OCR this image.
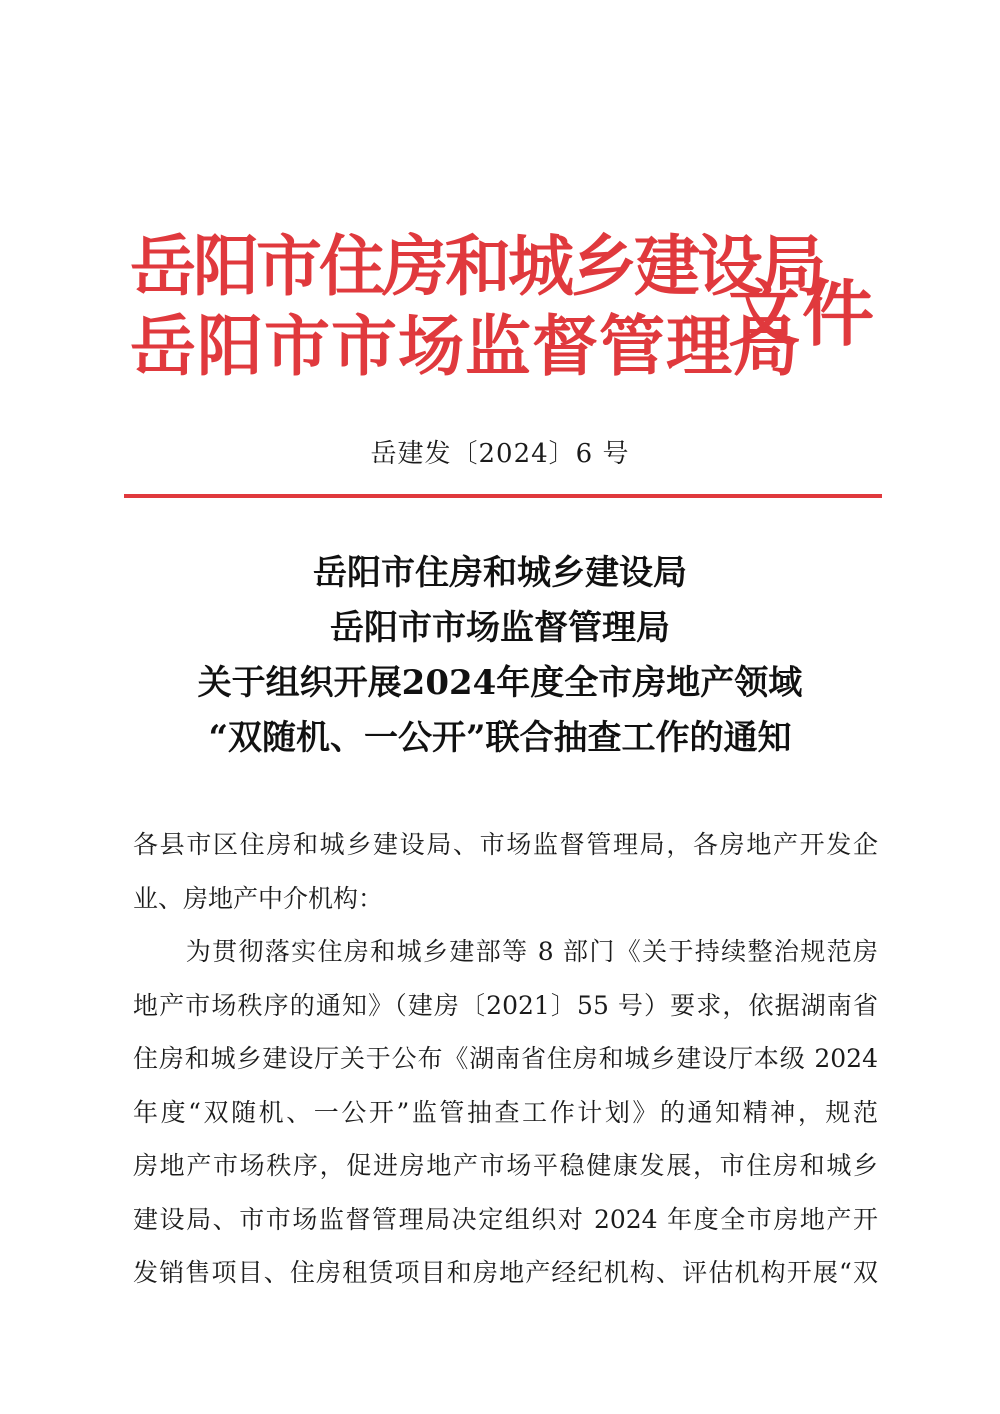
岳阳市住房和城乡建设局
岳阳市市场监督管理局
文件
岳建发〔2024〕6 号
岳阳市住房和城乡建设局
岳阳市市场监督管理局
关于组织开展2024年度全市房地产领域
“双随机、一公开”联合抽查工作的通知
各县市区住房和城乡建设局、市场监督管理局，各房地产开发企
业、房地产中介机构：
　　为贯彻落实住房和城乡建部等 8 部门《关于持续整治规范房
地产市场秩序的通知》（建房〔2021〕55 号）要求，依据湖南省
住房和城乡建设厅关于公布《湖南省住房和城乡建设厅本级 2024
年度“双随机、一公开”监管抽查工作计划》的通知精神，规范
房地产市场秩序，促进房地产市场平稳健康发展，市住房和城乡
建设局、市市场监督管理局决定组织对 2024 年度全市房地产开
发销售项目、住房租赁项目和房地产经纪机构、评估机构开展“双
